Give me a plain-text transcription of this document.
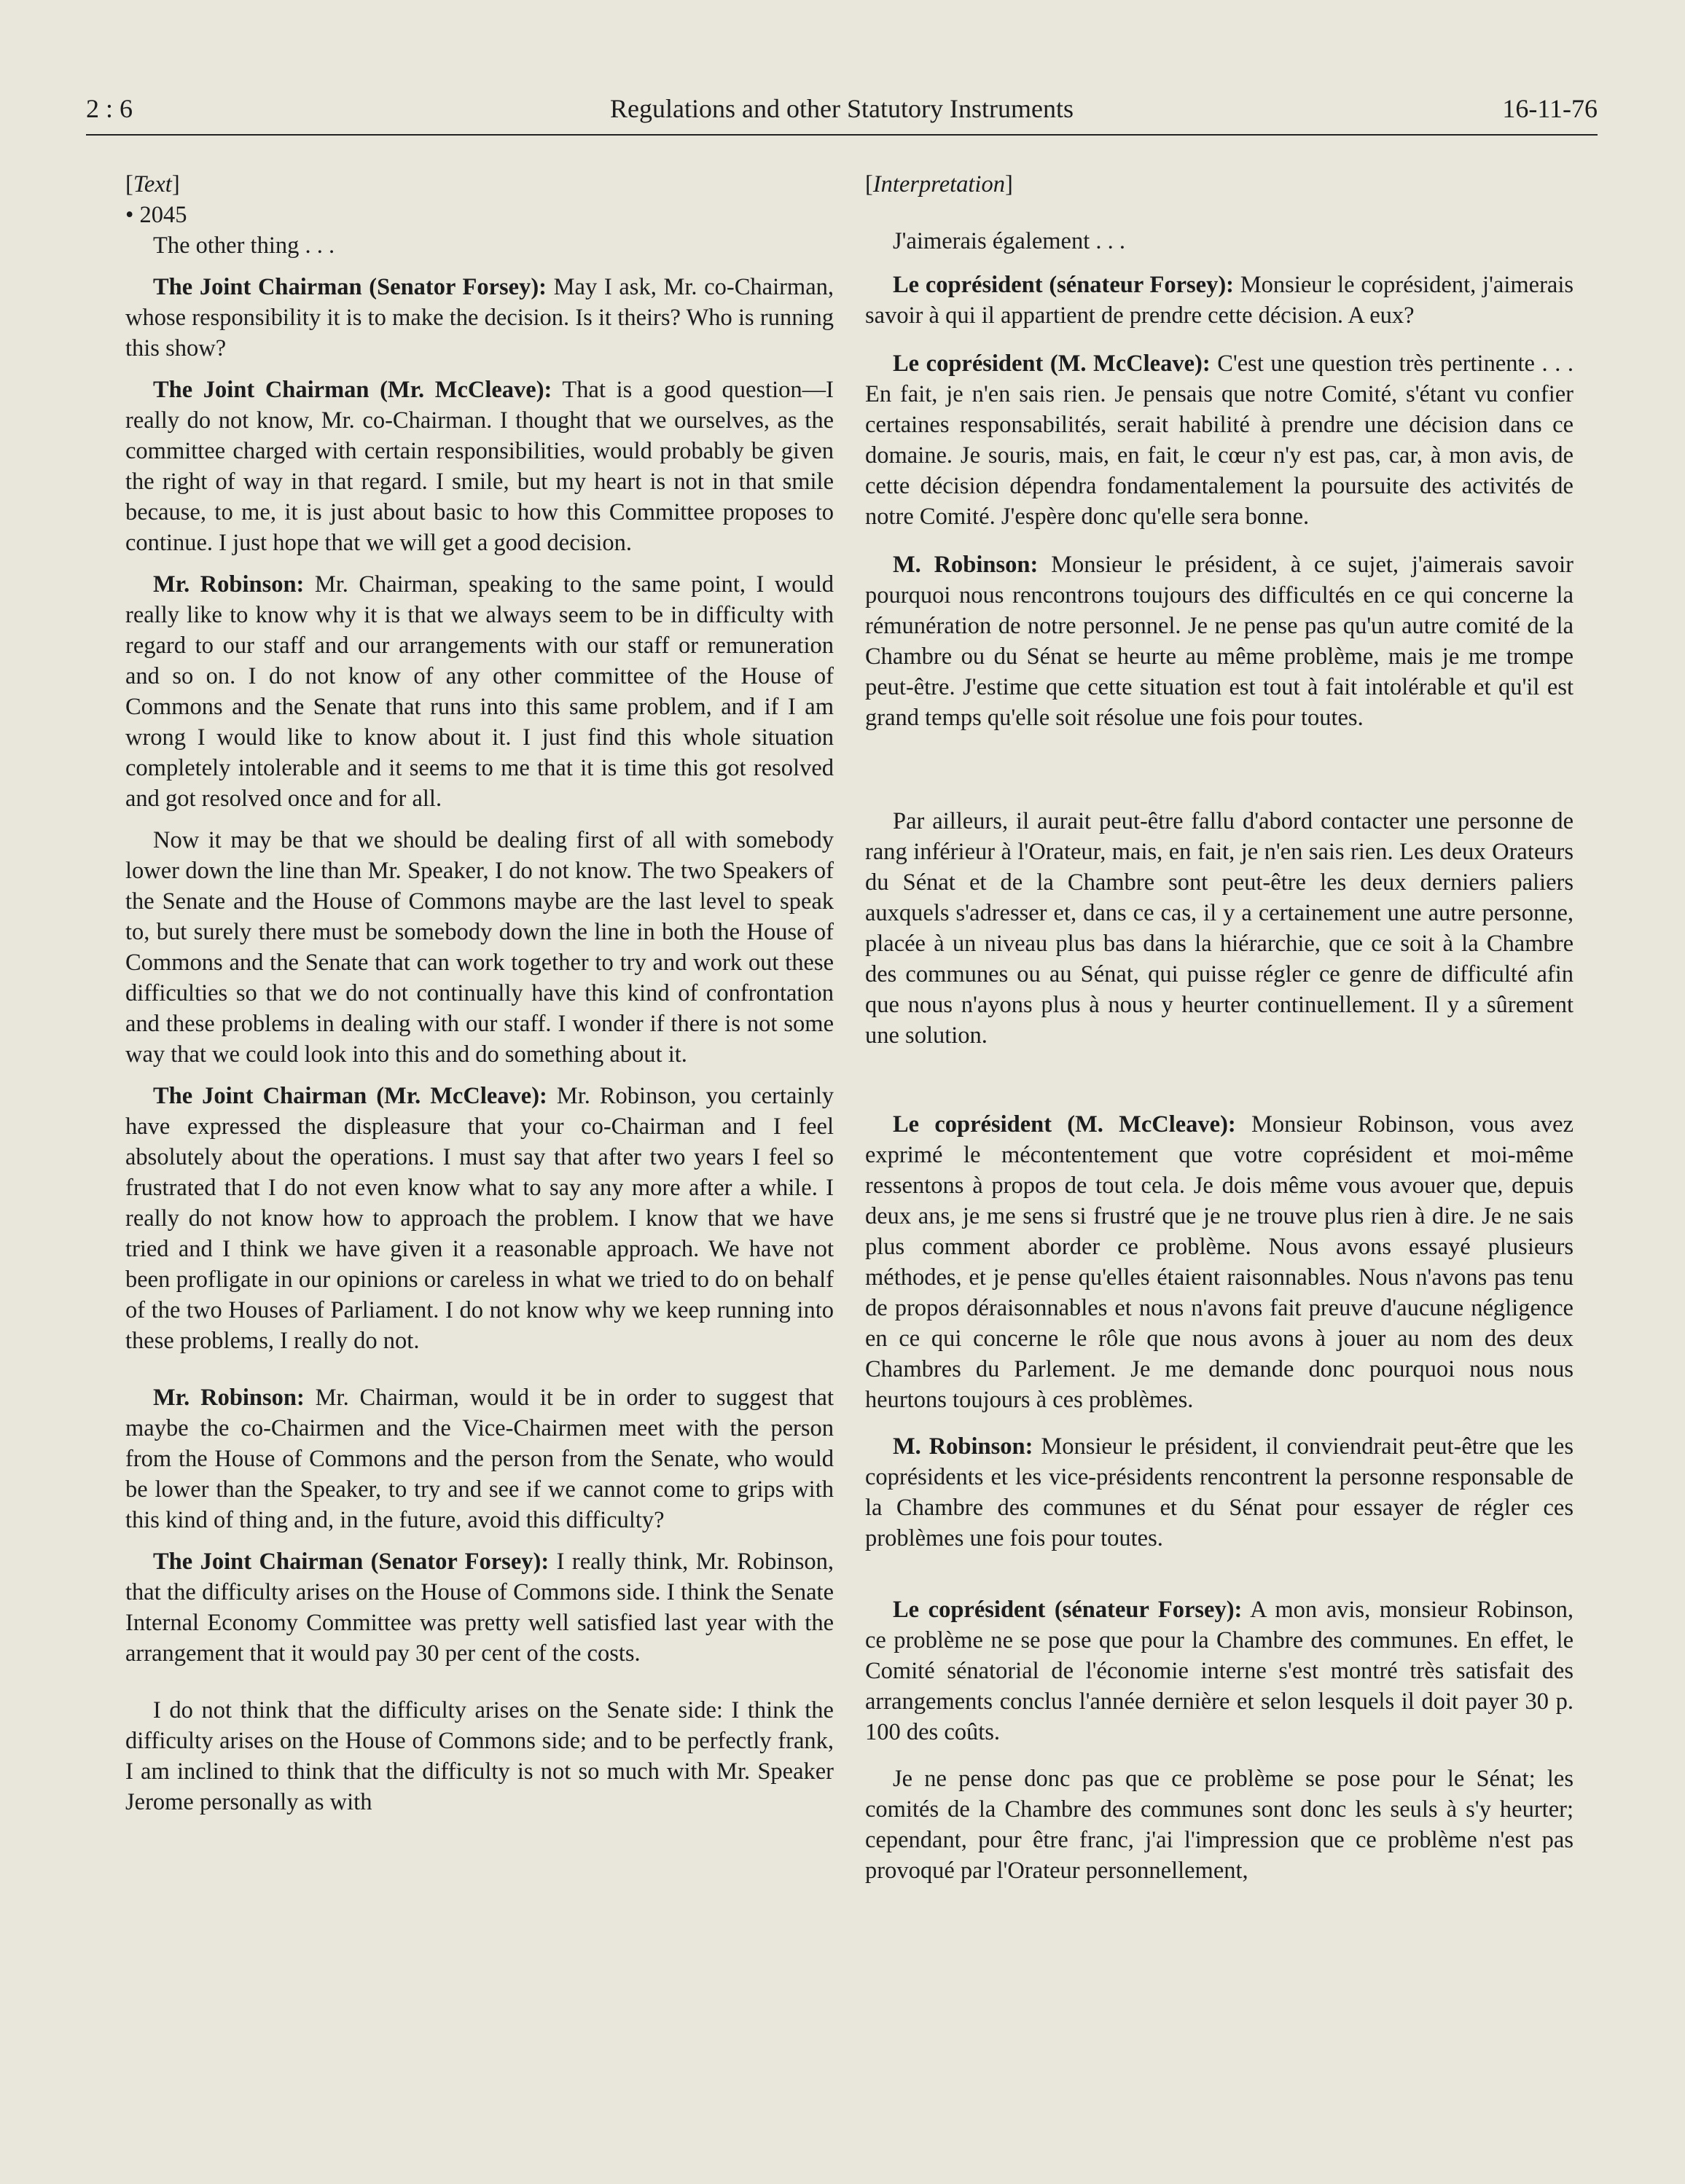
2 : 6	Regulations and other Statutory Instruments	16-11-76

[Text]

• 2045

The other thing . . .

The Joint Chairman (Senator Forsey): May I ask, Mr. co-Chairman, whose responsibility it is to make the decision. Is it theirs? Who is running this show?

The Joint Chairman (Mr. McCleave): That is a good question—I really do not know, Mr. co-Chairman. I thought that we ourselves, as the committee charged with certain responsibilities, would probably be given the right of way in that regard. I smile, but my heart is not in that smile because, to me, it is just about basic to how this Committee proposes to continue. I just hope that we will get a good decision.

Mr. Robinson: Mr. Chairman, speaking to the same point, I would really like to know why it is that we always seem to be in difficulty with regard to our staff and our arrangements with our staff or remuneration and so on. I do not know of any other committee of the House of Commons and the Senate that runs into this same problem, and if I am wrong I would like to know about it. I just find this whole situation completely intolerable and it seems to me that it is time this got resolved and got resolved once and for all.

Now it may be that we should be dealing first of all with somebody lower down the line than Mr. Speaker, I do not know. The two Speakers of the Senate and the House of Commons maybe are the last level to speak to, but surely there must be somebody down the line in both the House of Commons and the Senate that can work together to try and work out these difficulties so that we do not continually have this kind of confrontation and these problems in dealing with our staff. I wonder if there is not some way that we could look into this and do something about it.

The Joint Chairman (Mr. McCleave): Mr. Robinson, you certainly have expressed the displeasure that your co-Chairman and I feel absolutely about the operations. I must say that after two years I feel so frustrated that I do not even know what to say any more after a while. I really do not know how to approach the problem. I know that we have tried and I think we have given it a reasonable approach. We have not been profligate in our opinions or careless in what we tried to do on behalf of the two Houses of Parliament. I do not know why we keep running into these problems, I really do not.

Mr. Robinson: Mr. Chairman, would it be in order to suggest that maybe the co-Chairmen and the Vice-Chairmen meet with the person from the House of Commons and the person from the Senate, who would be lower than the Speaker, to try and see if we cannot come to grips with this kind of thing and, in the future, avoid this difficulty?

The Joint Chairman (Senator Forsey): I really think, Mr. Robinson, that the difficulty arises on the House of Commons side. I think the Senate Internal Economy Committee was pretty well satisfied last year with the arrangement that it would pay 30 per cent of the costs.

I do not think that the difficulty arises on the Senate side: I think the difficulty arises on the House of Commons side; and to be perfectly frank, I am inclined to think that the difficulty is not so much with Mr. Speaker Jerome personally as with

[Interpretation]

J'aimerais également . . .

Le coprésident (sénateur Forsey): Monsieur le coprésident, j'aimerais savoir à qui il appartient de prendre cette décision. A eux?

Le coprésident (M. McCleave): C'est une question très pertinente . . . En fait, je n'en sais rien. Je pensais que notre Comité, s'étant vu confier certaines responsabilités, serait habilité à prendre une décision dans ce domaine. Je souris, mais, en fait, le cœur n'y est pas, car, à mon avis, de cette décision dépendra fondamentalement la poursuite des activités de notre Comité. J'espère donc qu'elle sera bonne.

M. Robinson: Monsieur le président, à ce sujet, j'aimerais savoir pourquoi nous rencontrons toujours des difficultés en ce qui concerne la rémunération de notre personnel. Je ne pense pas qu'un autre comité de la Chambre ou du Sénat se heurte au même problème, mais je me trompe peut-être. J'estime que cette situation est tout à fait intolérable et qu'il est grand temps qu'elle soit résolue une fois pour toutes.

Par ailleurs, il aurait peut-être fallu d'abord contacter une personne de rang inférieur à l'Orateur, mais, en fait, je n'en sais rien. Les deux Orateurs du Sénat et de la Chambre sont peut-être les deux derniers paliers auxquels s'adresser et, dans ce cas, il y a certainement une autre personne, placée à un niveau plus bas dans la hiérarchie, que ce soit à la Chambre des communes ou au Sénat, qui puisse régler ce genre de difficulté afin que nous n'ayons plus à nous y heurter continuellement. Il y a sûrement une solution.

Le coprésident (M. McCleave): Monsieur Robinson, vous avez exprimé le mécontentement que votre coprésident et moi-même ressentons à propos de tout cela. Je dois même vous avouer que, depuis deux ans, je me sens si frustré que je ne trouve plus rien à dire. Je ne sais plus comment aborder ce problème. Nous avons essayé plusieurs méthodes, et je pense qu'elles étaient raisonnables. Nous n'avons pas tenu de propos déraisonnables et nous n'avons fait preuve d'aucune négligence en ce qui concerne le rôle que nous avons à jouer au nom des deux Chambres du Parlement. Je me demande donc pourquoi nous nous heurtons toujours à ces problèmes.

M. Robinson: Monsieur le président, il conviendrait peut-être que les coprésidents et les vice-présidents rencontrent la personne responsable de la Chambre des communes et du Sénat pour essayer de régler ces problèmes une fois pour toutes.

Le coprésident (sénateur Forsey): A mon avis, monsieur Robinson, ce problème ne se pose que pour la Chambre des communes. En effet, le Comité sénatorial de l'économie interne s'est montré très satisfait des arrangements conclus l'année dernière et selon lesquels il doit payer 30 p. 100 des coûts.

Je ne pense donc pas que ce problème se pose pour le Sénat; les comités de la Chambre des communes sont donc les seuls à s'y heurter; cependant, pour être franc, j'ai l'impression que ce problème n'est pas provoqué par l'Orateur personnellement,
